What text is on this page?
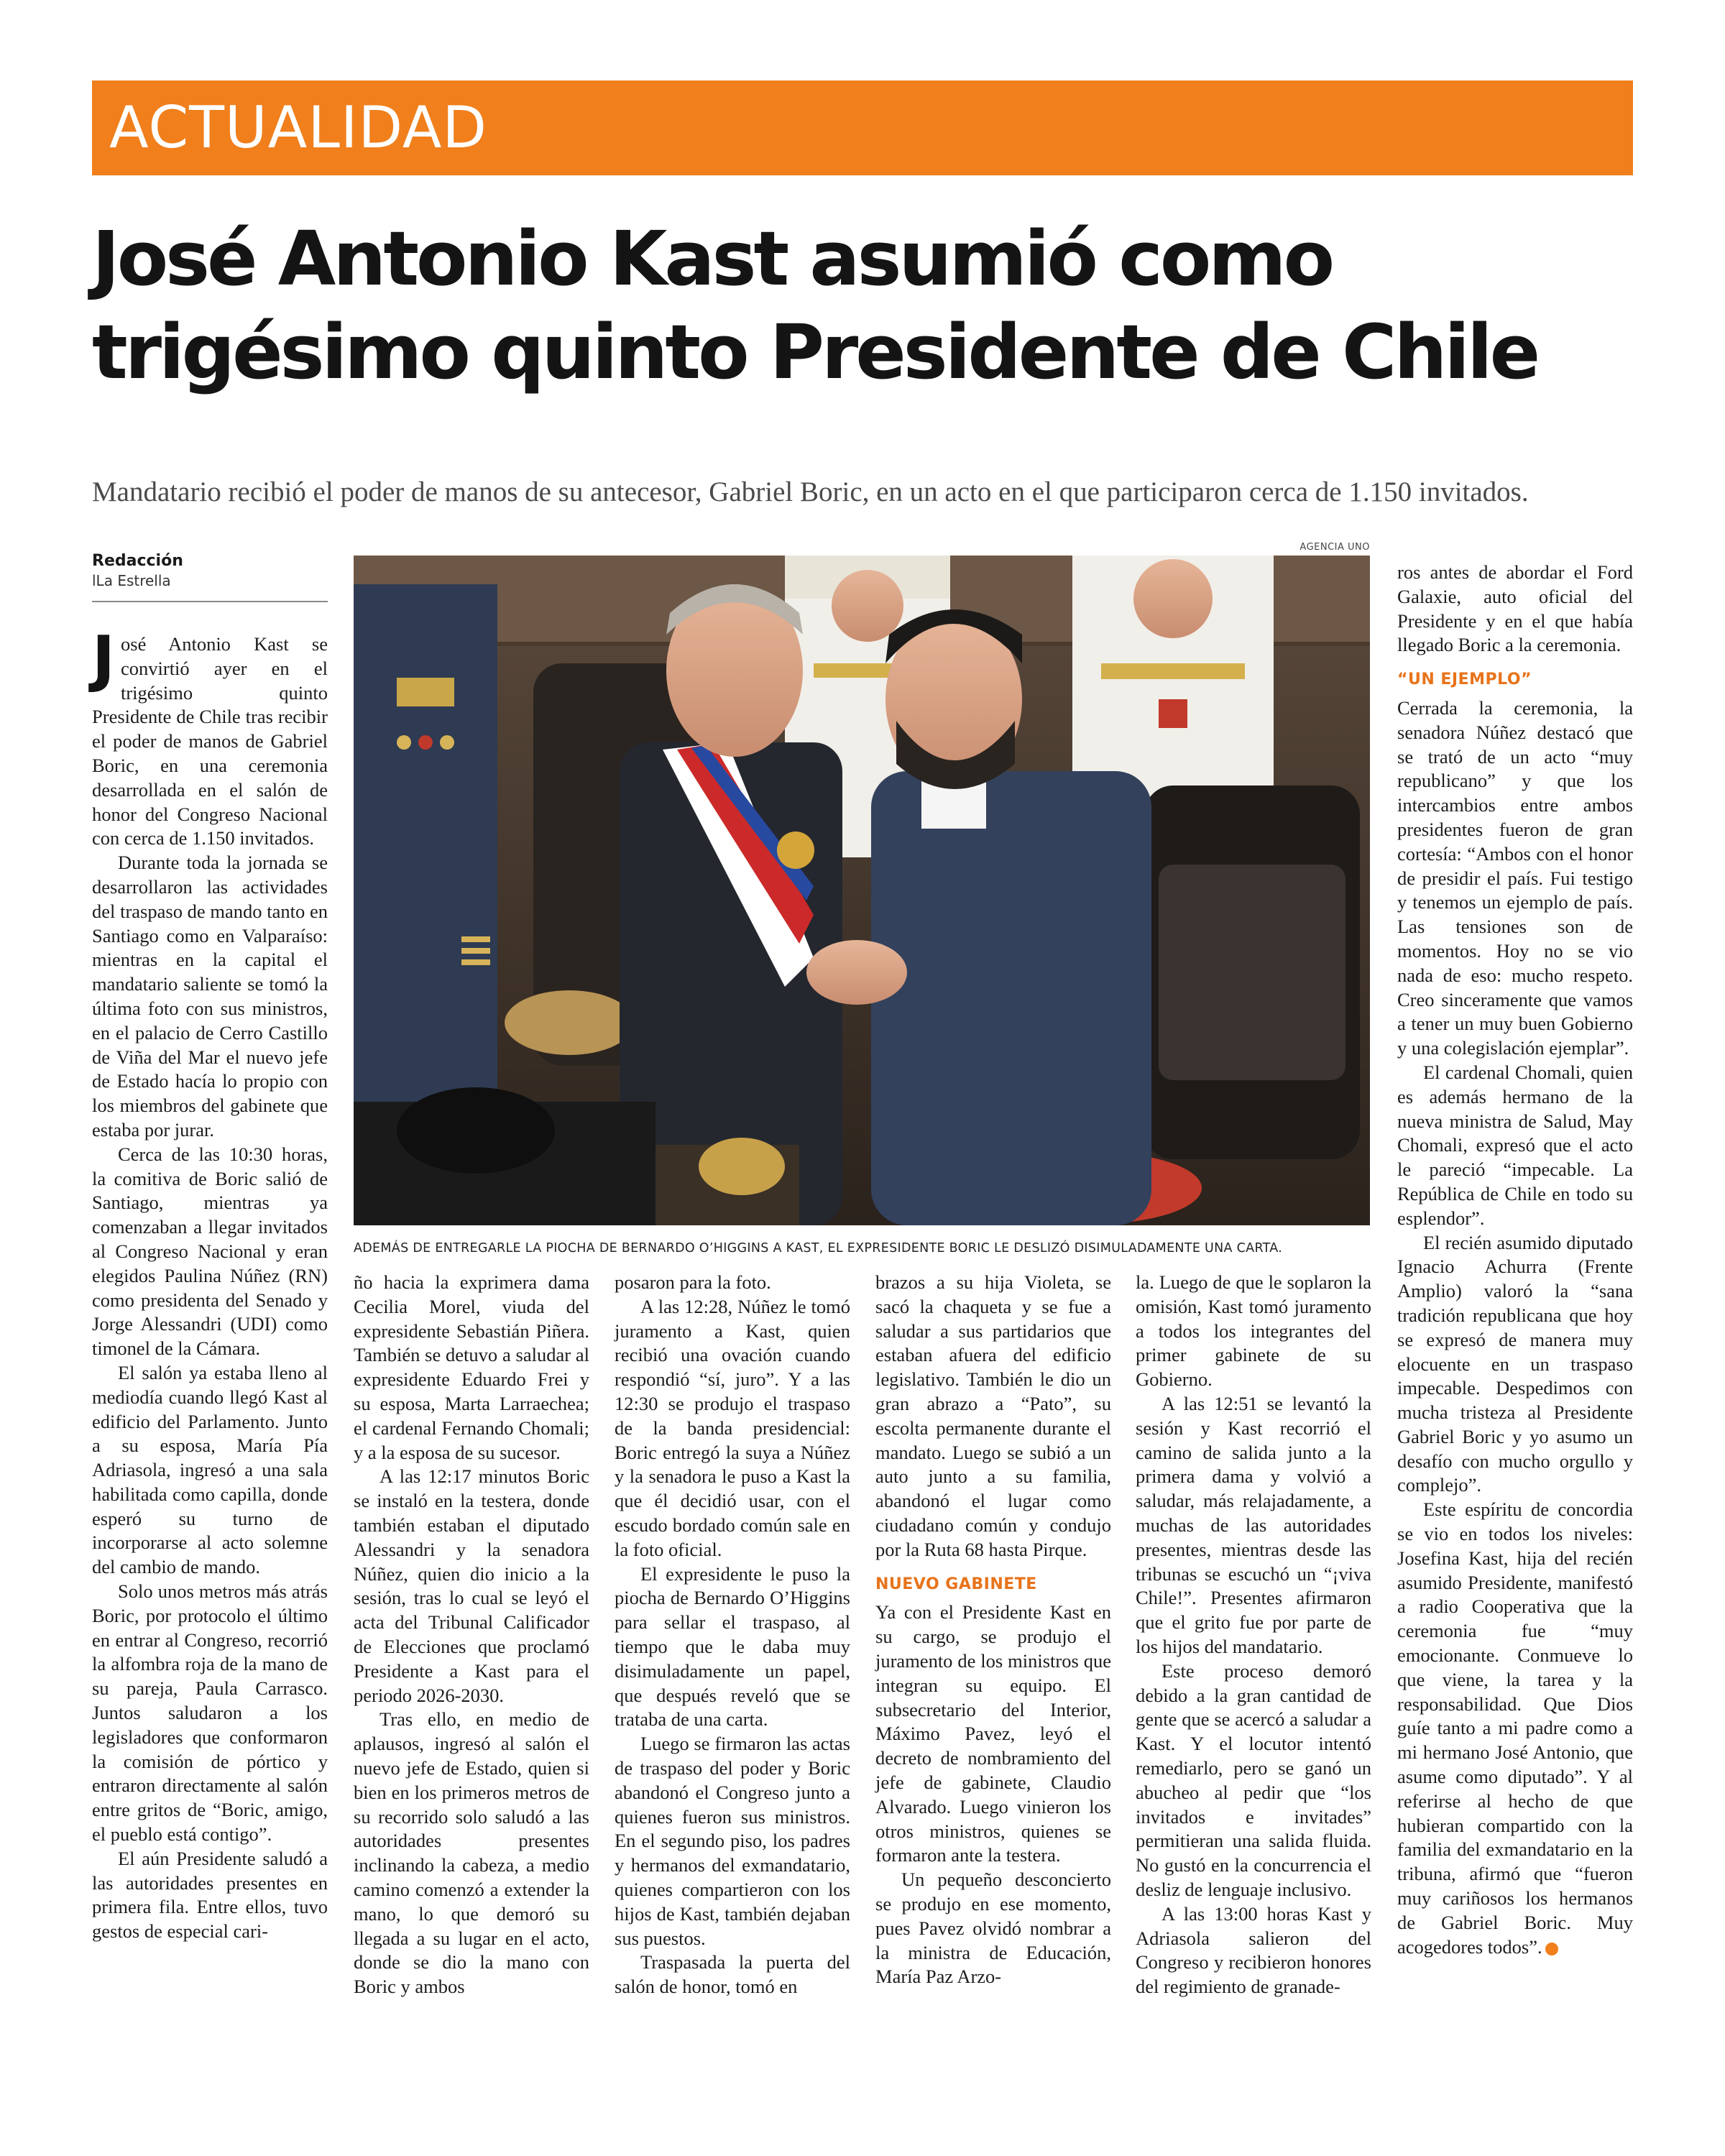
ACTUALIDAD
José Antonio Kast asumió como trigésimo quinto Presidente de Chile

Mandatario recibió el poder de manos de su antecesor, Gabriel Boric, en un acto en el que participaron cerca de 1.150 invitados.

Redacción
lLa Estrella

José Antonio Kast se convirtió ayer en el trigésimo quinto Presidente de Chile tras recibir el poder de manos de Gabriel Boric, en una ceremonia desarrollada en el salón de honor del Congreso Nacional con cerca de 1.150 invitados.

Durante toda la jornada se desarrollaron las actividades del traspaso de mando tanto en Santiago como en Valparaíso: mientras en la capital el mandatario saliente se tomó la última foto con sus ministros, en el palacio de Cerro Castillo de Viña del Mar el nuevo jefe de Estado hacía lo propio con los miembros del gabinete que estaba por jurar.

Cerca de las 10:30 horas, la comitiva de Boric salió de Santiago, mientras ya comenzaban a llegar invitados al Congreso Nacional y eran elegidos Paulina Núñez (RN) como presidenta del Senado y Jorge Alessandri (UDI) como timonel de la Cámara.

El salón ya estaba lleno al mediodía cuando llegó Kast al edificio del Parlamento. Junto a su esposa, María Pía Adriasola, ingresó a una sala habilitada como capilla, donde esperó su turno de incorporarse al acto solemne del cambio de mando.

Solo unos metros más atrás Boric, por protocolo el último en entrar al Congreso, recorrió la alfombra roja de la mano de su pareja, Paula Carrasco. Juntos saludaron a los legisladores que conformaron la comisión de pórtico y entraron directamente al salón entre gritos de “Boric, amigo, el pueblo está contigo”.

El aún Presidente saludó a las autoridades presentes en primera fila. Entre ellos, tuvo gestos de especial cari-

AGENCIA UNO
ADEMÁS DE ENTREGARLE LA PIOCHA DE BERNARDO O’HIGGINS A KAST, EL EXPRESIDENTE BORIC LE DESLIZÓ DISIMULADAMENTE UNA CARTA.

ño hacia la exprimera dama Cecilia Morel, viuda del expresidente Sebastián Piñera. También se detuvo a saludar al expresidente Eduardo Frei y su esposa, Marta Larraechea; el cardenal Fernando Chomali; y a la esposa de su sucesor.

A las 12:17 minutos Boric se instaló en la testera, donde también estaban el diputado Alessandri y la senadora Núñez, quien dio inicio a la sesión, tras lo cual se leyó el acta del Tribunal Calificador de Elecciones que proclamó Presidente a Kast para el periodo 2026-2030.

Tras ello, en medio de aplausos, ingresó al salón el nuevo jefe de Estado, quien si bien en los primeros metros de su recorrido solo saludó a las autoridades presentes inclinando la cabeza, a medio camino comenzó a extender la mano, lo que demoró su llegada a su lugar en el acto, donde se dio la mano con Boric y ambos

posaron para la foto.

A las 12:28, Núñez le tomó juramento a Kast, quien recibió una ovación cuando respondió “sí, juro”. Y a las 12:30 se produjo el traspaso de la banda presidencial: Boric entregó la suya a Núñez y la senadora le puso a Kast la que él decidió usar, con el escudo bordado común sale en la foto oficial.

El expresidente le puso la piocha de Bernardo O’Higgins para sellar el traspaso, al tiempo que le daba muy disimuladamente un papel, que después reveló que se trataba de una carta.

Luego se firmaron las actas de traspaso del poder y Boric abandonó el Congreso junto a quienes fueron sus ministros. En el segundo piso, los padres y hermanos del exmandatario, quienes compartieron con los hijos de Kast, también dejaban sus puestos.

Traspasada la puerta del salón de honor, tomó en

brazos a su hija Violeta, se sacó la chaqueta y se fue a saludar a sus partidarios que estaban afuera del edificio legislativo. También le dio un gran abrazo a “Pato”, su escolta permanente durante el mandato. Luego se subió a un auto junto a su familia, abandonó el lugar como ciudadano común y condujo por la Ruta 68 hasta Pirque.

NUEVO GABINETE

Ya con el Presidente Kast en su cargo, se produjo el juramento de los ministros que integran su equipo. El subsecretario del Interior, Máximo Pavez, leyó el decreto de nombramiento del jefe de gabinete, Claudio Alvarado. Luego vinieron los otros ministros, quienes se formaron ante la testera.

Un pequeño desconcierto se produjo en ese momento, pues Pavez olvidó nombrar a la ministra de Educación, María Paz Arzo-

la. Luego de que le soplaron la omisión, Kast tomó juramento a todos los integrantes del primer gabinete de su Gobierno.

A las 12:51 se levantó la sesión y Kast recorrió el camino de salida junto a la primera dama y volvió a saludar, más relajadamente, a muchas de las autoridades presentes, mientras desde las tribunas se escuchó un “¡viva Chile!”. Presentes afirmaron que el grito fue por parte de los hijos del mandatario.

Este proceso demoró debido a la gran cantidad de gente que se acercó a saludar a Kast. Y el locutor intentó remediarlo, pero se ganó un abucheo al pedir que “los invitados e invitades” permitieran una salida fluida. No gustó en la concurrencia el desliz de lenguaje inclusivo.

A las 13:00 horas Kast y Adriasola salieron del Congreso y recibieron honores del regimiento de granade-

ros antes de abordar el Ford Galaxie, auto oficial del Presidente y en el que había llegado Boric a la ceremonia.

“UN EJEMPLO”

Cerrada la ceremonia, la senadora Núñez destacó que se trató de un acto “muy republicano” y que los intercambios entre ambos presidentes fueron de gran cortesía: “Ambos con el honor de presidir el país. Fui testigo y tenemos un ejemplo de país. Las tensiones son de momentos. Hoy no se vio nada de eso: mucho respeto. Creo sinceramente que vamos a tener un muy buen Gobierno y una colegislación ejemplar”.

El cardenal Chomali, quien es además hermano de la nueva ministra de Salud, May Chomali, expresó que el acto le pareció “impecable. La República de Chile en todo su esplendor”.

El recién asumido diputado Ignacio Achurra (Frente Amplio) valoró la “sana tradición republicana que hoy se expresó de manera muy elocuente en un traspaso impecable. Despedimos con mucha tristeza al Presidente Gabriel Boric y yo asumo un desafío con mucho orgullo y complejo”.

Este espíritu de concordia se vio en todos los niveles: Josefina Kast, hija del recién asumido Presidente, manifestó a radio Cooperativa que la ceremonia fue “muy emocionante. Conmueve lo que viene, la tarea y la responsabilidad. Que Dios guíe tanto a mi padre como a mi hermano José Antonio, que asume como diputado”. Y al referirse al hecho de que hubieran compartido con la familia del exmandatario en la tribuna, afirmó que “fueron muy cariñosos los hermanos de Gabriel Boric. Muy acogedores todos”.
